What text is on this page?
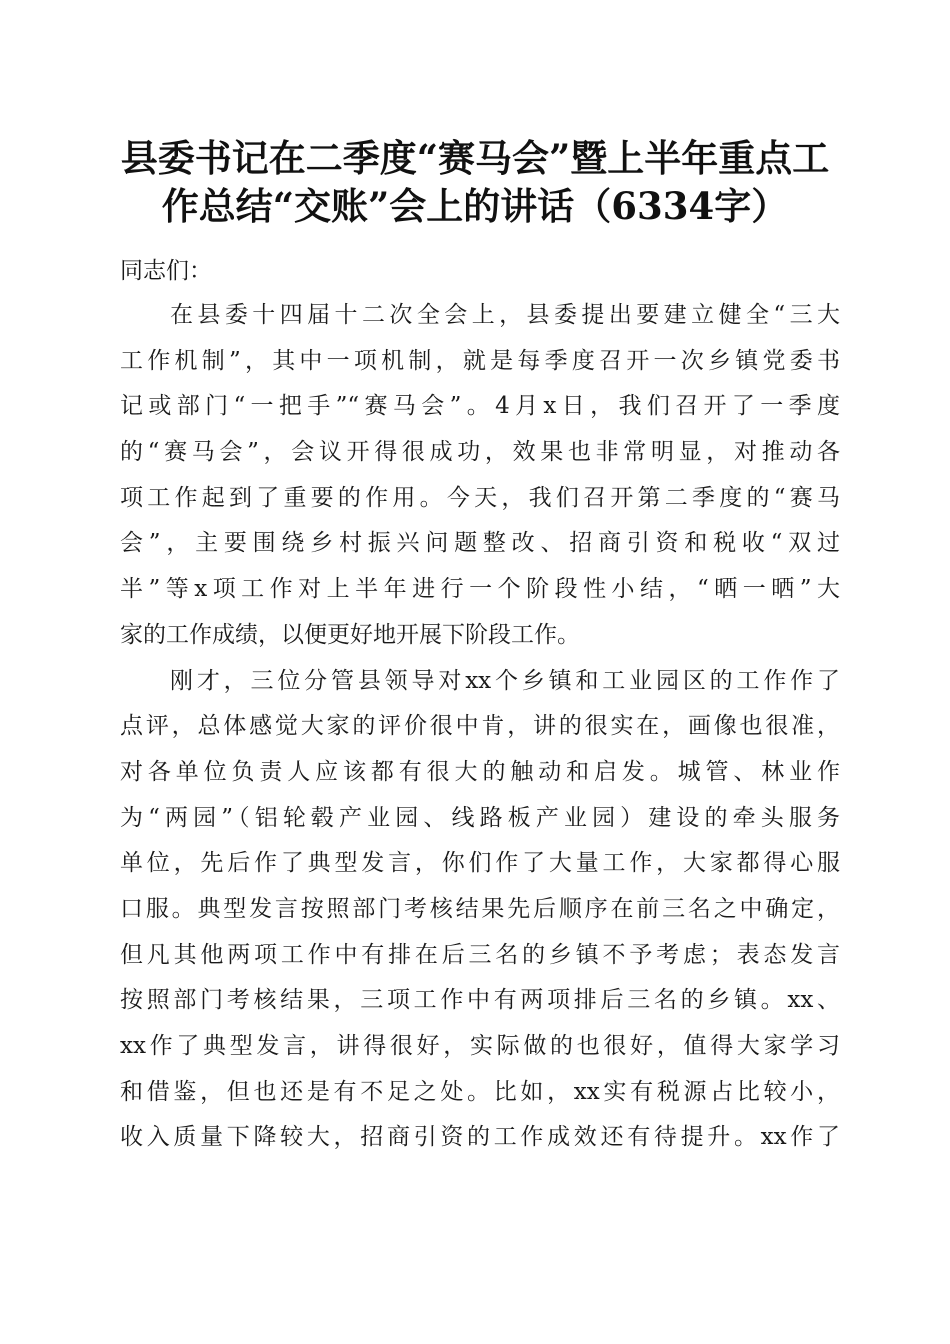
县委书记在二季度“赛马会”暨上半年重点工
作总结“交账”会上的讲话（6334字）

同志们：

在县委十四届十二次全会上，县委提出要建立健全“三大
工作机制”，其中一项机制，就是每季度召开一次乡镇党委书
记或部门“一把手”“赛马会”。4月x日，我们召开了一季度
的“赛马会”，会议开得很成功，效果也非常明显，对推动各
项工作起到了重要的作用。今天，我们召开第二季度的“赛马
会”，主要围绕乡村振兴问题整改、招商引资和税收“双过
半”等x项工作对上半年进行一个阶段性小结，“晒一晒”大
家的工作成绩，以便更好地开展下阶段工作。

刚才，三位分管县领导对xx个乡镇和工业园区的工作作了
点评，总体感觉大家的评价很中肯，讲的很实在，画像也很准，
对各单位负责人应该都有很大的触动和启发。城管、林业作
为“两园”（铝轮毂产业园、线路板产业园）建设的牵头服务
单位，先后作了典型发言，你们作了大量工作，大家都得心服
口服。典型发言按照部门考核结果先后顺序在前三名之中确定，
但凡其他两项工作中有排在后三名的乡镇不予考虑；表态发言
按照部门考核结果，三项工作中有两项排后三名的乡镇。xx、
xx作了典型发言，讲得很好，实际做的也很好，值得大家学习
和借鉴，但也还是有不足之处。比如，xx实有税源占比较小，
收入质量下降较大，招商引资的工作成效还有待提升。xx作了
